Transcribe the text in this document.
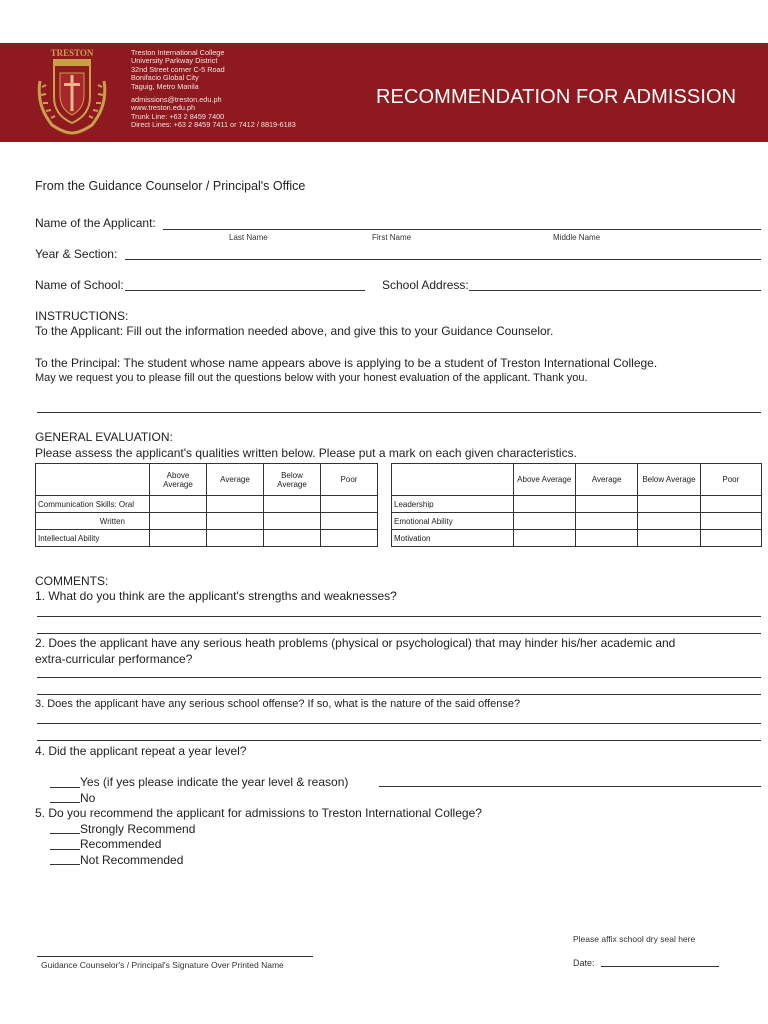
TRESTON	Treston International College
University Parkway District
32nd Street corner C-5 Road
Bonifacio Global City
Taguig, Metro Manila
admissions@treston.edu.ph
www.treston.edu.ph
Trunk Line: +63 2 8459 7400
Direct Lines: +63 2 8459 7411 or 7412 / 8819-6183
RECOMMENDATION FOR ADMISSION
From the Guidance Counselor / Principal's Office
Name of the Applicant:
Last Name	First Name	Middle Name
Year & Section:
Name of School:	School Address:
INSTRUCTIONS:
To the Applicant: Fill out the information needed above, and give this to your Guidance Counselor.
To the Principal: The student whose name appears above is applying to be a student of Treston International College.
May we request you to please fill out the questions below with your honest evaluation of the applicant. Thank you.
GENERAL EVALUATION:
Please assess the applicant's qualities written below. Please put a mark on each given characteristics.
	Above Average	Average	Below Average	Poor
Communication Skills: Oral				
Written				
Intellectual Ability				
	Above Average	Average	Below Average	Poor
Leadership				
Emotional Ability				
Motivation				
COMMENTS:
1. What do you think are the applicant's strengths and weaknesses?
2. Does the applicant have any serious heath problems (physical or psychological) that may hinder his/her academic and
extra-curricular performance?
3. Does the applicant have any serious school offense? If so, what is the nature of the said offense?
4. Did the applicant repeat a year level?
Yes (if yes please indicate the year level & reason)
No
5. Do you recommend the applicant for admissions to Treston International College?
Strongly Recommend
Recommended
Not Recommended
Guidance Counselor's / Principal's Signature Over Printed Name
Please affix school dry seal here
Date:
